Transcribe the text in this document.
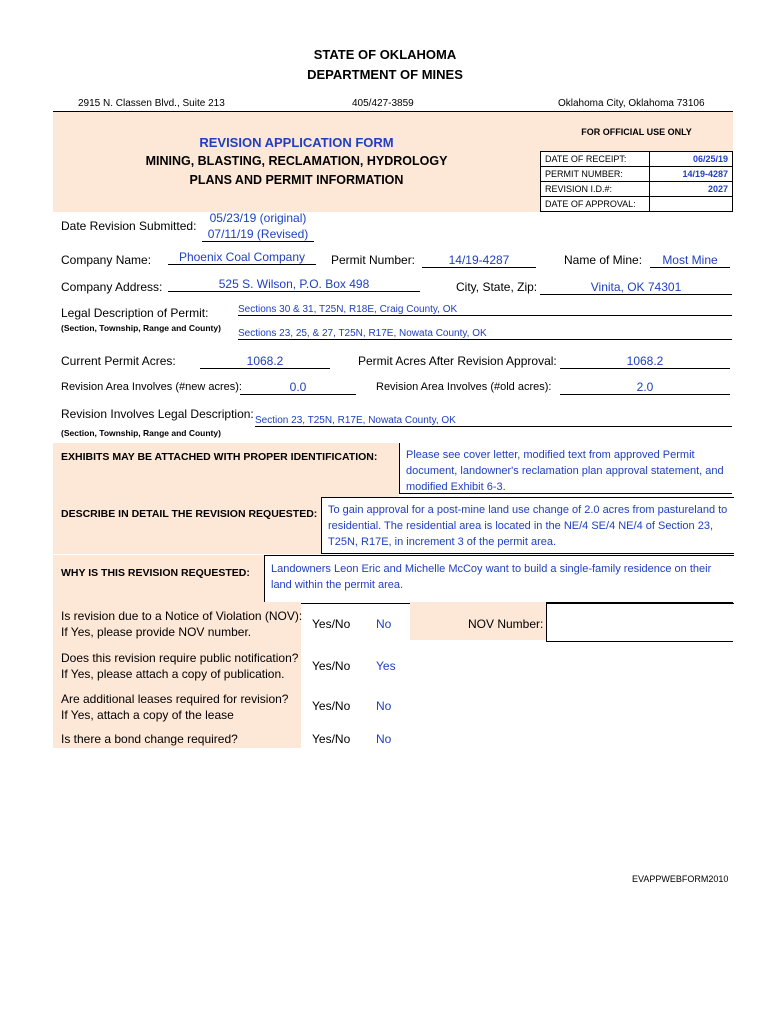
STATE OF OKLAHOMA
DEPARTMENT OF MINES
2915 N. Classen Blvd., Suite 213	405/427-3859	Oklahoma City, Oklahoma 73106
REVISION APPLICATION FORM
MINING, BLASTING, RECLAMATION, HYDROLOGY
PLANS AND PERMIT INFORMATION
FOR OFFICIAL USE ONLY
DATE OF RECEIPT:	06/25/19
PERMIT NUMBER:	14/19-4287
REVISION I.D.#:	2027
DATE OF APPROVAL:	
Date Revision Submitted:
05/23/19 (original)
07/11/19 (Revised)
Company Name:	Phoenix Coal Company	Permit Number:	14/19-4287	Name of Mine:	Most Mine
Company Address:	525 S. Wilson, P.O. Box 498	City, State, Zip:	Vinita, OK 74301
Legal Description of Permit:
(Section, Township, Range and County)
Sections 30 & 31, T25N, R18E, Craig County, OK
Sections 23, 25, & 27, T25N, R17E, Nowata County, OK
Current Permit Acres:	1068.2	Permit Acres After Revision Approval:	1068.2
Revision Area Involves (#new acres):	0.0	Revision Area Involves (#old acres):	2.0
Revision Involves Legal Description:
(Section, Township, Range and County)
Section 23, T25N, R17E, Nowata County, OK
EXHIBITS MAY BE ATTACHED WITH PROPER IDENTIFICATION:	Please see cover letter, modified text from approved Permit document, landowner's reclamation plan approval statement, and modified Exhibit 6-3.
DESCRIBE IN DETAIL THE REVISION REQUESTED: To gain approval for a post-mine land use change of 2.0 acres from pastureland to residential. The residential area is located in the NE/4 SE/4 NE/4 of Section 23, T25N, R17E, in increment 3 of the permit area.
WHY IS THIS REVISION REQUESTED:	Landowners Leon Eric and Michelle McCoy want to build a single-family residence on their land within the permit area.
Is revision due to a Notice of Violation (NOV):
If Yes, please provide NOV number.
Yes/No No	NOV Number:
Does this revision require public notification?
If Yes, please attach a copy of publication.
Yes/No Yes
Are additional leases required for revision?
If Yes, attach a copy of the lease
Yes/No No
Is there a bond change required?	Yes/No No
EVAPPWEBFORM2010
